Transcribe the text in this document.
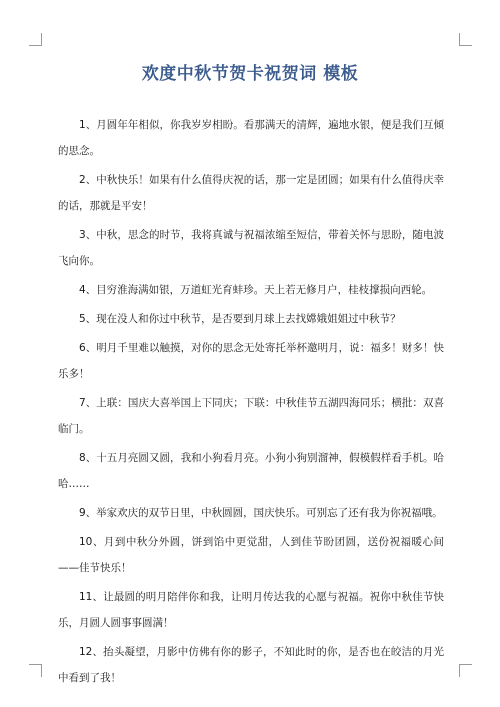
欢度中秋节贺卡祝贺词 模板

1、月圆年年相似，你我岁岁相盼。看那满天的清辉，遍地水银，便是我们互倾的思念。

2、中秋快乐！如果有什么值得庆祝的话，那一定是团圆；如果有什么值得庆幸的话，那就是平安！

3、中秋，思念的时节，我将真诚与祝福浓缩至短信，带着关怀与思盼，随电波飞向你。

4、目穷淮海满如银，万道虹光育蚌珍。天上若无修月户，桂枝撑损向西轮。

5、现在没人和你过中秋节，是否要到月球上去找嫦娥姐姐过中秋节？

6、明月千里难以触摸，对你的思念无处寄托举杯邀明月，说：福多！财多！快乐多！

7、上联：国庆大喜举国上下同庆；下联：中秋佳节五湖四海同乐；横批：双喜临门。

8、十五月亮圆又圆，我和小狗看月亮。小狗小狗别溜神，假模假样看手机。哈哈……

9、举家欢庆的双节日里，中秋圆圆，国庆快乐。可别忘了还有我为你祝福哦。

10、月到中秋分外圆，饼到馅中更觉甜，人到佳节盼团圆，送份祝福暖心间——佳节快乐！

11、让最圆的明月陪伴你和我，让明月传达我的心愿与祝福。祝你中秋佳节快乐，月圆人圆事事圆满！

12、抬头凝望，月影中仿佛有你的影子，不知此时的你，是否也在皎洁的月光中看到了我！
